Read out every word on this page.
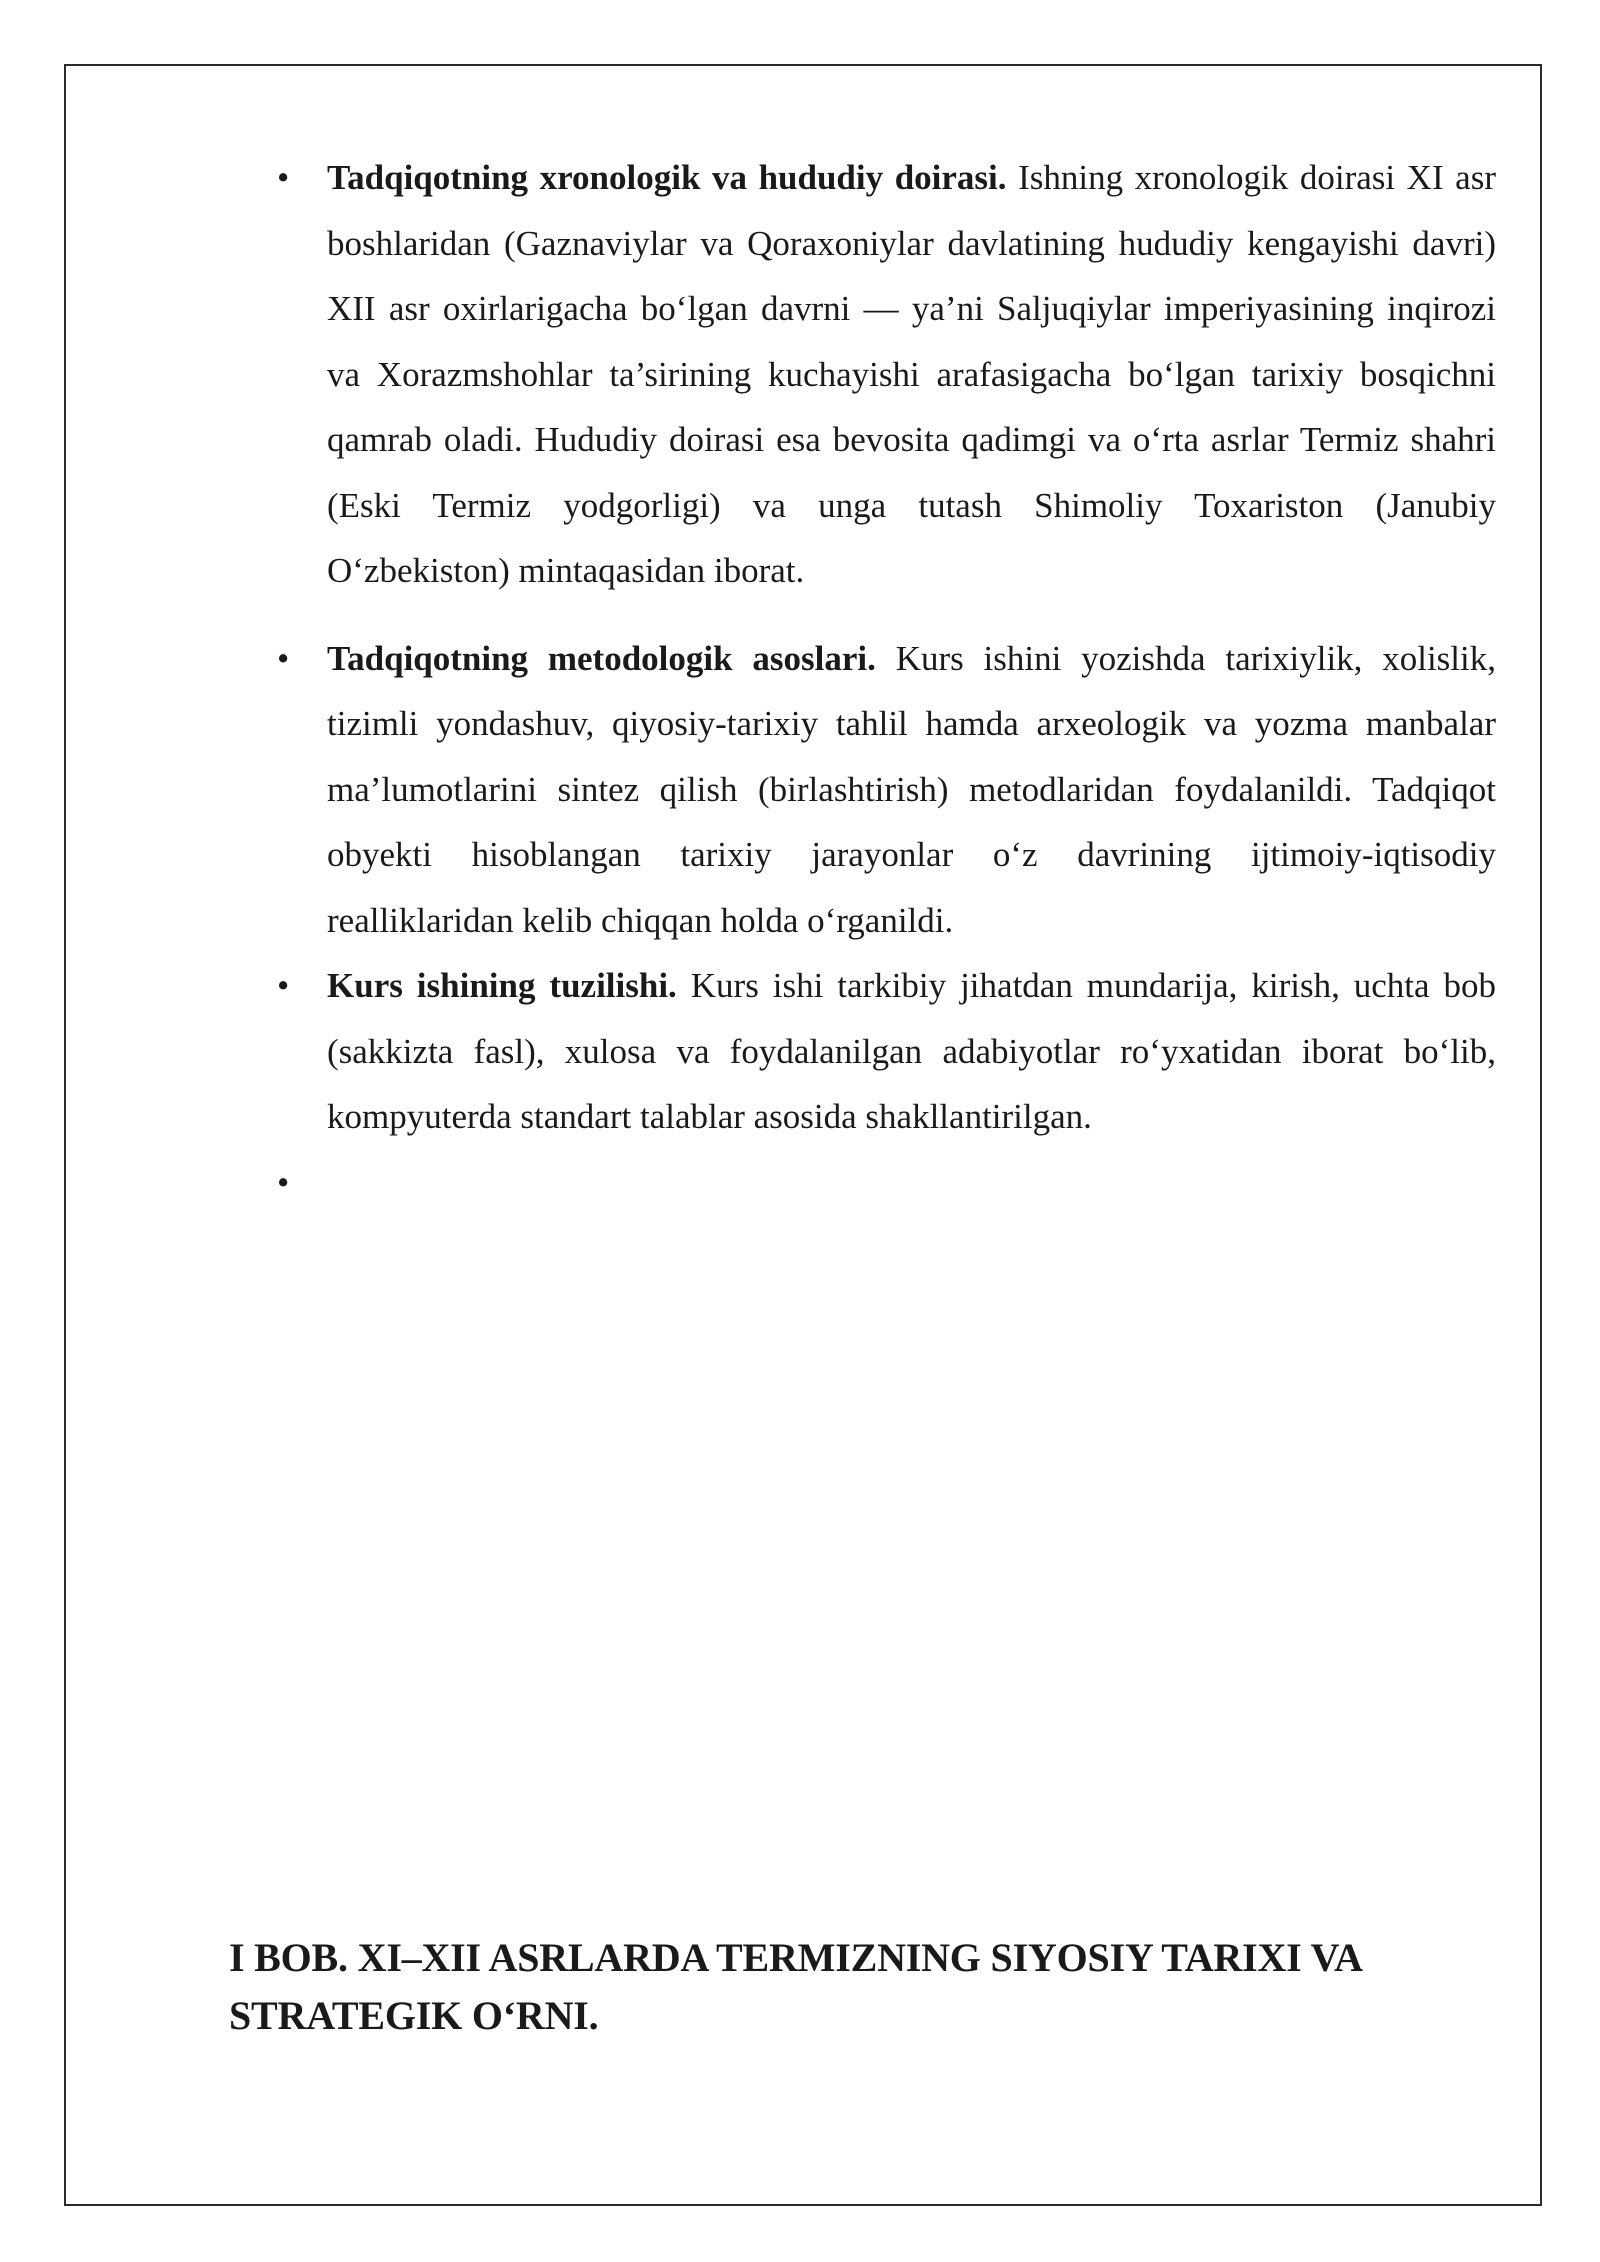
• Tadqiqotning xronologik va hududiy doirasi. Ishning xronologik doirasi XI asr boshlaridan (Gaznaviylar va Qoraxoniylar davlatining hududiy kengayishi davri) XII asr oxirlarigacha bo‘lgan davrni — ya’ni Saljuqiylar imperiyasining inqirozi va Xorazmshohlar ta’sirining kuchayishi arafasigacha bo‘lgan tarixiy bosqichni qamrab oladi. Hududiy doirasi esa bevosita qadimgi va o‘rta asrlar Termiz shahri (Eski Termiz yodgorligi) va unga tutash Shimoliy Toxariston (Janubiy O‘zbekiston) mintaqasidan iborat.
• Tadqiqotning metodologik asoslari. Kurs ishini yozishda tarixiylik, xolislik, tizimli yondashuv, qiyosiy-tarixiy tahlil hamda arxeologik va yozma manbalar ma’lumotlarini sintez qilish (birlashtirish) metodlaridan foydalanildi. Tadqiqot obyekti hisoblangan tarixiy jarayonlar o‘z davrining ijtimoiy-iqtisodiy realliklaridan kelib chiqqan holda o‘rganildi.
• Kurs ishining tuzilishi. Kurs ishi tarkibiy jihatdan mundarija, kirish, uchta bob (sakkizta fasl), xulosa va foydalanilgan adabiyotlar ro‘yxatidan iborat bo‘lib, kompyuterda standart talablar asosida shakllantirilgan.
•
I BOB. XI–XII ASRLARDA TERMIZNING SIYOSIY TARIXI VA STRATEGIK O‘RNI.
